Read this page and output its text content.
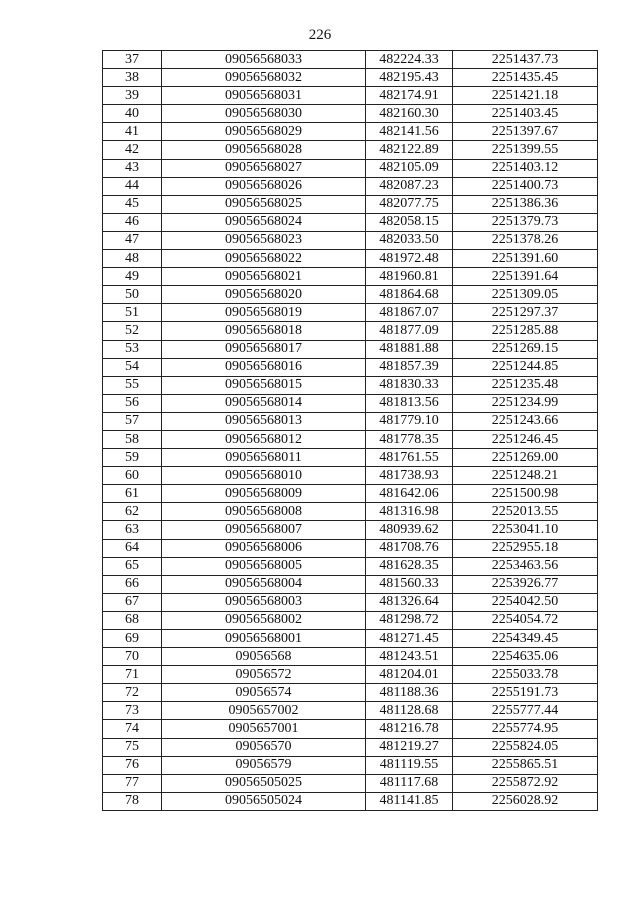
226
37	09056568033	482224.33	2251437.73
38	09056568032	482195.43	2251435.45
39	09056568031	482174.91	2251421.18
40	09056568030	482160.30	2251403.45
41	09056568029	482141.56	2251397.67
42	09056568028	482122.89	2251399.55
43	09056568027	482105.09	2251403.12
44	09056568026	482087.23	2251400.73
45	09056568025	482077.75	2251386.36
46	09056568024	482058.15	2251379.73
47	09056568023	482033.50	2251378.26
48	09056568022	481972.48	2251391.60
49	09056568021	481960.81	2251391.64
50	09056568020	481864.68	2251309.05
51	09056568019	481867.07	2251297.37
52	09056568018	481877.09	2251285.88
53	09056568017	481881.88	2251269.15
54	09056568016	481857.39	2251244.85
55	09056568015	481830.33	2251235.48
56	09056568014	481813.56	2251234.99
57	09056568013	481779.10	2251243.66
58	09056568012	481778.35	2251246.45
59	09056568011	481761.55	2251269.00
60	09056568010	481738.93	2251248.21
61	09056568009	481642.06	2251500.98
62	09056568008	481316.98	2252013.55
63	09056568007	480939.62	2253041.10
64	09056568006	481708.76	2252955.18
65	09056568005	481628.35	2253463.56
66	09056568004	481560.33	2253926.77
67	09056568003	481326.64	2254042.50
68	09056568002	481298.72	2254054.72
69	09056568001	481271.45	2254349.45
70	09056568	481243.51	2254635.06
71	09056572	481204.01	2255033.78
72	09056574	481188.36	2255191.73
73	0905657002	481128.68	2255777.44
74	0905657001	481216.78	2255774.95
75	09056570	481219.27	2255824.05
76	09056579	481119.55	2255865.51
77	09056505025	481117.68	2255872.92
78	09056505024	481141.85	2256028.92
